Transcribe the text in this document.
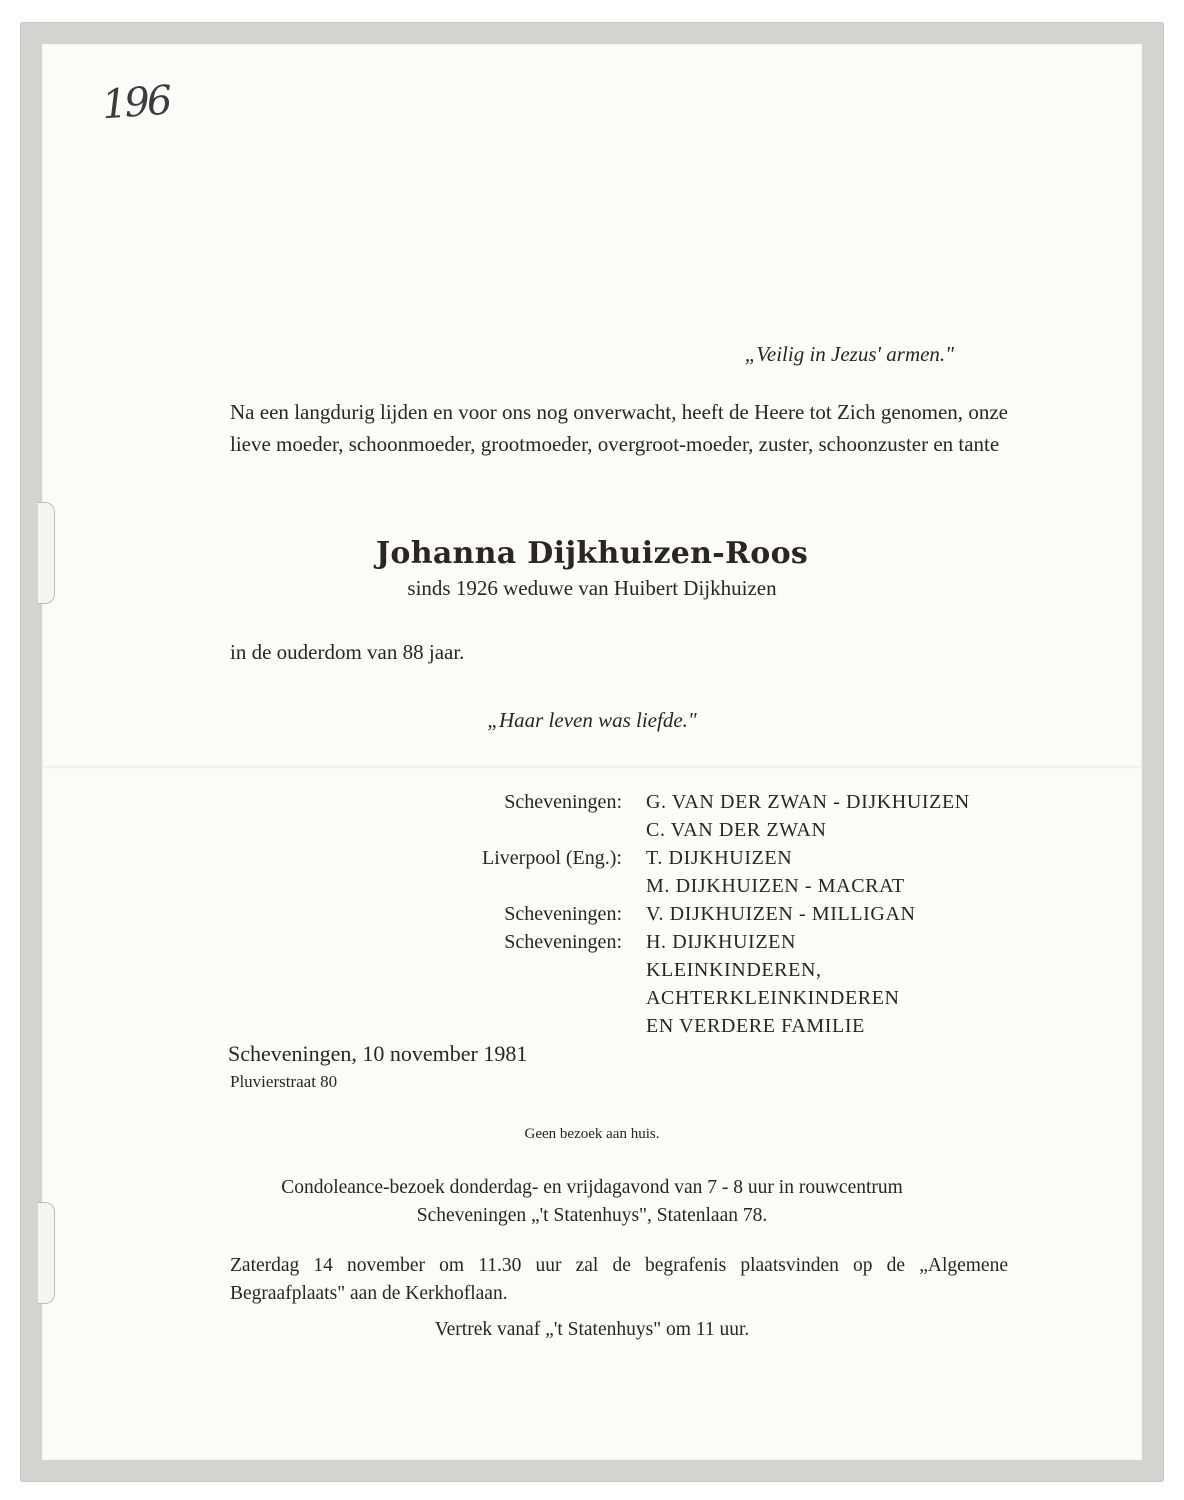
196

„Veilig in Jezus' armen."

Na een langdurig lijden en voor ons nog onverwacht, heeft de Heere tot Zich genomen, onze lieve moeder, schoonmoeder, grootmoeder, overgroot-moeder, zuster, schoonzuster en tante

Johanna Dijkhuizen-Roos

sinds 1926 weduwe van Huibert Dijkhuizen

in de ouderdom van 88 jaar.

„Haar leven was liefde."

Scheveningen: G. VAN DER ZWAN - DIJKHUIZEN
C. VAN DER ZWAN
Liverpool (Eng.): T. DIJKHUIZEN
M. DIJKHUIZEN - MACRAT
Scheveningen: V. DIJKHUIZEN - MILLIGAN
Scheveningen: H. DIJKHUIZEN
KLEINKINDEREN,
ACHTERKLEINKINDEREN
EN VERDERE FAMILIE

Scheveningen, 10 november 1981

Pluvierstraat 80

Geen bezoek aan huis.

Condoleance-bezoek donderdag- en vrijdagavond van 7 - 8 uur in rouwcentrum

Scheveningen „'t Statenhuys", Statenlaan 78.

Zaterdag 14 november om 11.30 uur zal de begrafenis plaatsvinden op de „Algemene Begraafplaats" aan de Kerkhoflaan.

Vertrek vanaf „'t Statenhuys" om 11 uur.
